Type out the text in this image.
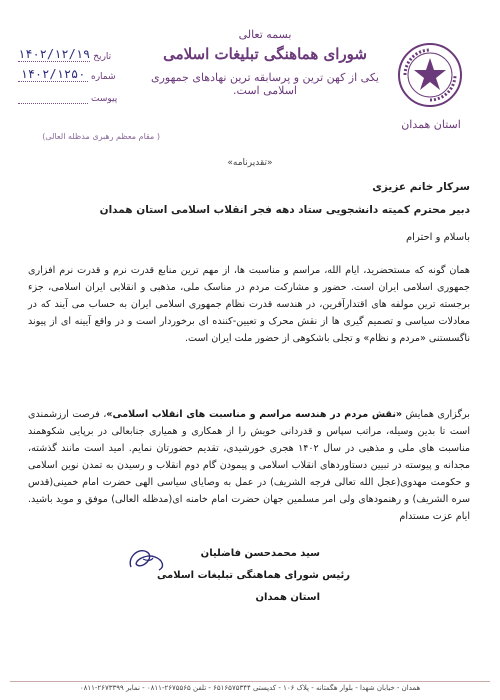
تاریخ
۱۴۰۲/۱۲/۱۹
شماره
۱۴۰۲/۱۲۵۰
پیوست
بسمه تعالی
شورای هماهنگی تبلیغات اسلامی
یکی از کهن ترین و پرسابقه ترین نهادهای جمهوری اسلامی است.
( مقام معظم رهبری مدظله العالی)
استان همدان
«تقدیرنامه»
سرکار خانم عزیزی
دبیر محترم کمیته دانشجویی ستاد دهه فجر انقلاب اسلامی استان همدان
باسلام و احترام
همان گونه که مستحضرید، ایام الله، مراسم و مناسبت ها، از مهم ترین منابع قدرت نرم و قدرت نرم افزاری جمهوری اسلامی ایران است. حضور و مشارکت مردم در مناسک ملی، مذهبی و انقلابی ایران اسلامی، جزء برجسته ترین مولفه های اقتدارآفرین، در هندسه قدرت نظام جمهوری اسلامی ایران به حساب می آیند که در معادلات سیاسی و تصمیم گیری ها از نقش محرک و تعیین-کننده ای برخوردار است و در واقع آیینه ای از پیوند ناگسستنی «مردم و نظام» و تجلی باشکوهی از حضور ملت ایران است.
برگزاری همایش «نقش مردم در هندسه مراسم و مناسبت های انقلاب اسلامی»، فرصت ارزشمندی است تا بدین وسیله، مراتب سپاس و قدردانی خویش را از همکاری و همیاری جنابعالی در برپایی شکوهمند مناسبت های ملی و مذهبی در سال ۱۴۰۲ هجری خورشیدی، تقدیم حضورتان نمایم. امید است مانند گذشته، مجدانه و پیوسته در تبیین دستاوردهای انقلاب اسلامی و پیمودن گام دوم انقلاب و رسیدن به تمدن نوین اسلامی و حکومت مهدوی(عجل الله تعالی فرجه الشریف) در عمل به وصایای سیاسی الهی حضرت امام خمینی(قدس سره الشریف) و رهنمودهای ولی امر مسلمین جهان حضرت امام خامنه ای(مدظله العالی) موفق و موید باشید. ایام عزت مستدام
سید محمدحسن فاضلیان
رئیس شورای هماهنگی تبلیغات اسلامی
استان همدان
همدان - خیابان شهدا - بلوار هگمتانه - پلاک ۱۰۶ - کدپستی ۶۵۱۶۵۷۵۳۴۴ - تلفن ۲۶۷۵۵۶۵-۰۸۱۱ - نمابر ۲۶۷۳۳۹۹-۰۸۱۱
